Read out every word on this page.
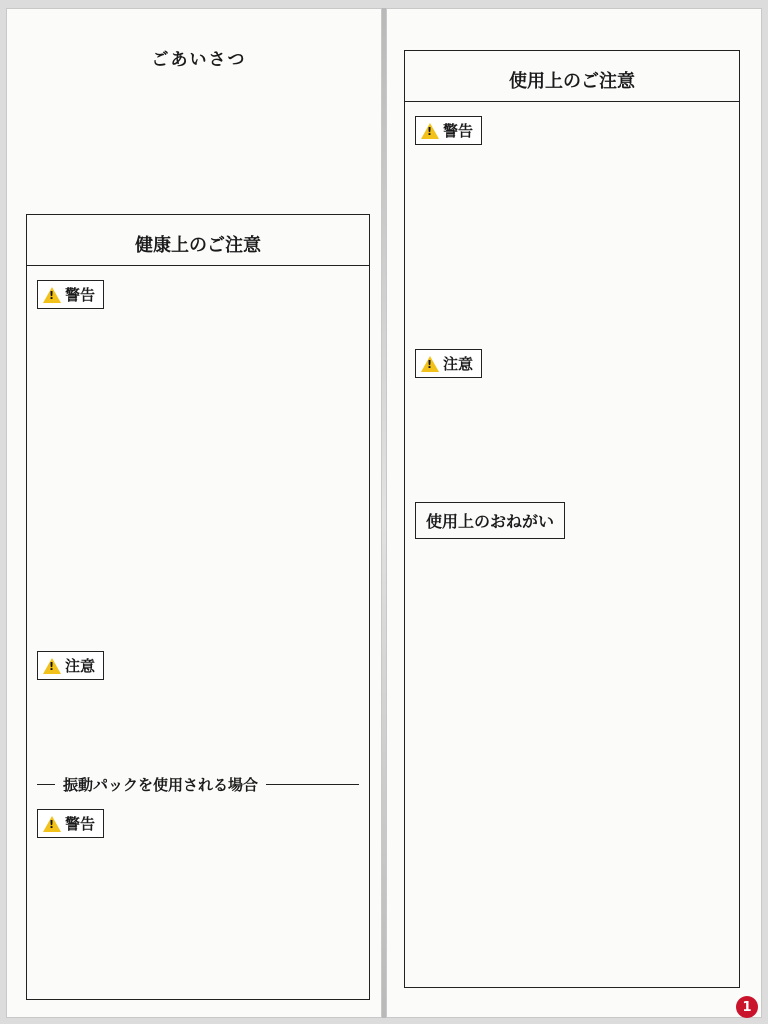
ごあいさつ
健康上のご注意
!
警告
!
注意
振動パックを使用される場合
!
警告
使用上のご注意
!
警告
!
注意
使用上のおねがい
1
